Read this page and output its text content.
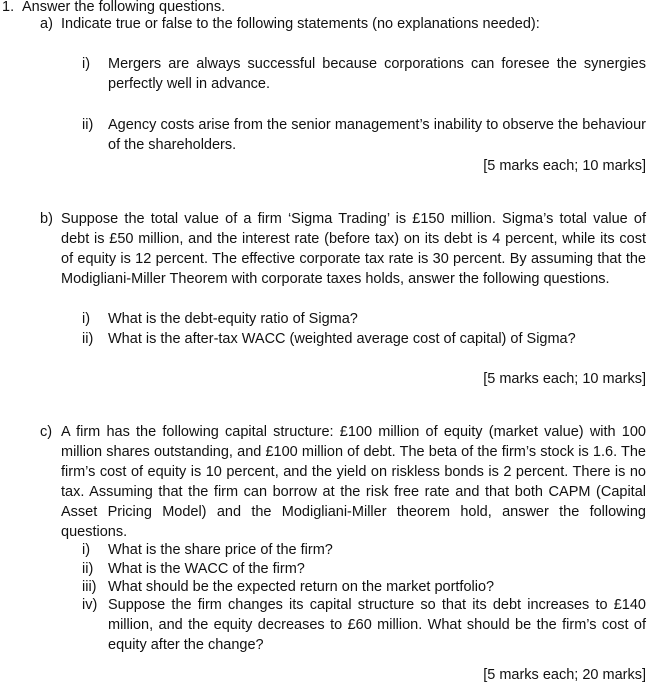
1. Answer the following questions.
a) Indicate true or false to the following statements (no explanations needed):
i)	Mergers are always successful because corporations can foresee the synergies perfectly well in advance.
ii)	Agency costs arise from the senior management’s inability to observe the behaviour of the shareholders.
[5 marks each; 10 marks]
b) Suppose the total value of a firm ‘Sigma Trading’ is £150 million. Sigma’s total value of debt is £50 million, and the interest rate (before tax) on its debt is 4 percent, while its cost of equity is 12 percent. The effective corporate tax rate is 30 percent. By assuming that the Modigliani-Miller Theorem with corporate taxes holds, answer the following questions.
i)	What is the debt-equity ratio of Sigma?
ii)	What is the after-tax WACC (weighted average cost of capital) of Sigma?
[5 marks each; 10 marks]
c) A firm has the following capital structure: £100 million of equity (market value) with 100 million shares outstanding, and £100 million of debt. The beta of the firm’s stock is 1.6. The firm’s cost of equity is 10 percent, and the yield on riskless bonds is 2 percent. There is no tax. Assuming that the firm can borrow at the risk free rate and that both CAPM (Capital Asset Pricing Model) and the Modigliani-Miller theorem hold, answer the following questions.
i)	What is the share price of the firm?
ii)	What is the WACC of the firm?
iii) What should be the expected return on the market portfolio?
iv) Suppose the firm changes its capital structure so that its debt increases to £140 million, and the equity decreases to £60 million. What should be the firm’s cost of equity after the change?
[5 marks each; 20 marks]
